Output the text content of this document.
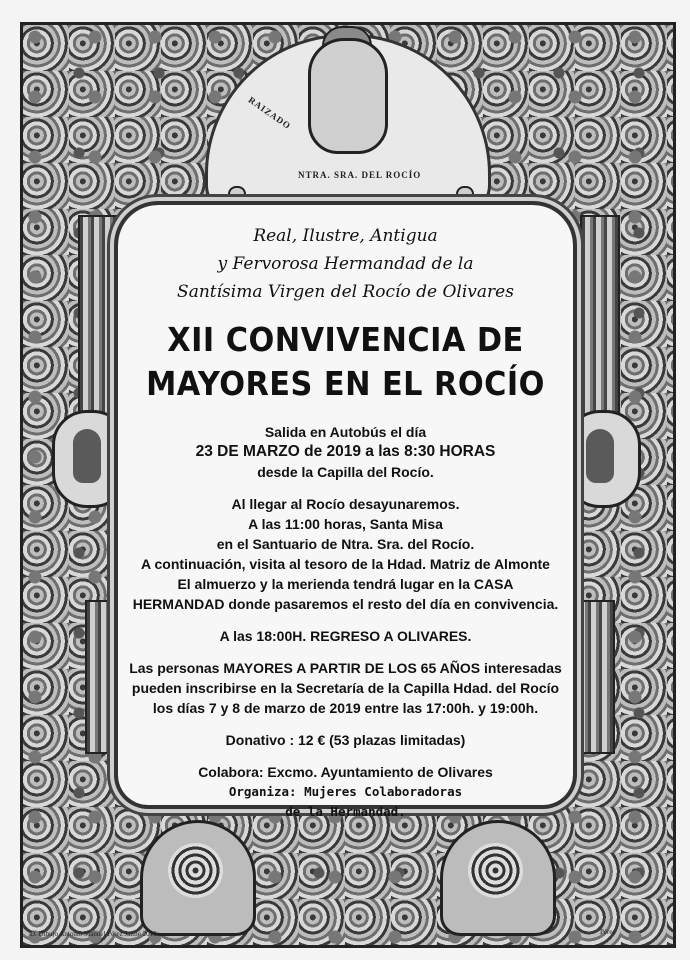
RAIZADO
NTRA. SRA. DEL ROCÍO
D. Dibujo Antonio Manuel Pérez Jaime 2016	Pérez

Real, Ilustre, Antigua

y Fervorosa Hermandad de la

Santísima Virgen del Rocío de Olivares

XII CONVIVENCIA DE
MAYORES EN EL ROCÍO

Salida en Autobús el día

23 DE MARZO de 2019 a las 8:30 HORAS

desde la Capilla del Rocío.

Al llegar al Rocío desayunaremos.

A las 11:00 horas, Santa Misa

en el Santuario de Ntra. Sra. del Rocío.

A continuación, visita al tesoro de la Hdad. Matriz de Almonte

El almuerzo y la merienda tendrá lugar en la CASA

HERMANDAD donde pasaremos el resto del día en convivencia.

A las 18:00H. REGRESO A OLIVARES.

Las personas MAYORES A PARTIR DE LOS 65 AÑOS interesadas

pueden inscribirse en la Secretaría de la Capilla Hdad. del Rocío

los días 7 y 8 de marzo de 2019 entre las 17:00h. y 19:00h.

Donativo : 12 € (53 plazas limitadas)

Colabora: Excmo. Ayuntamiento de Olivares

Organiza: Mujeres Colaboradoras

de la Hermandad.
